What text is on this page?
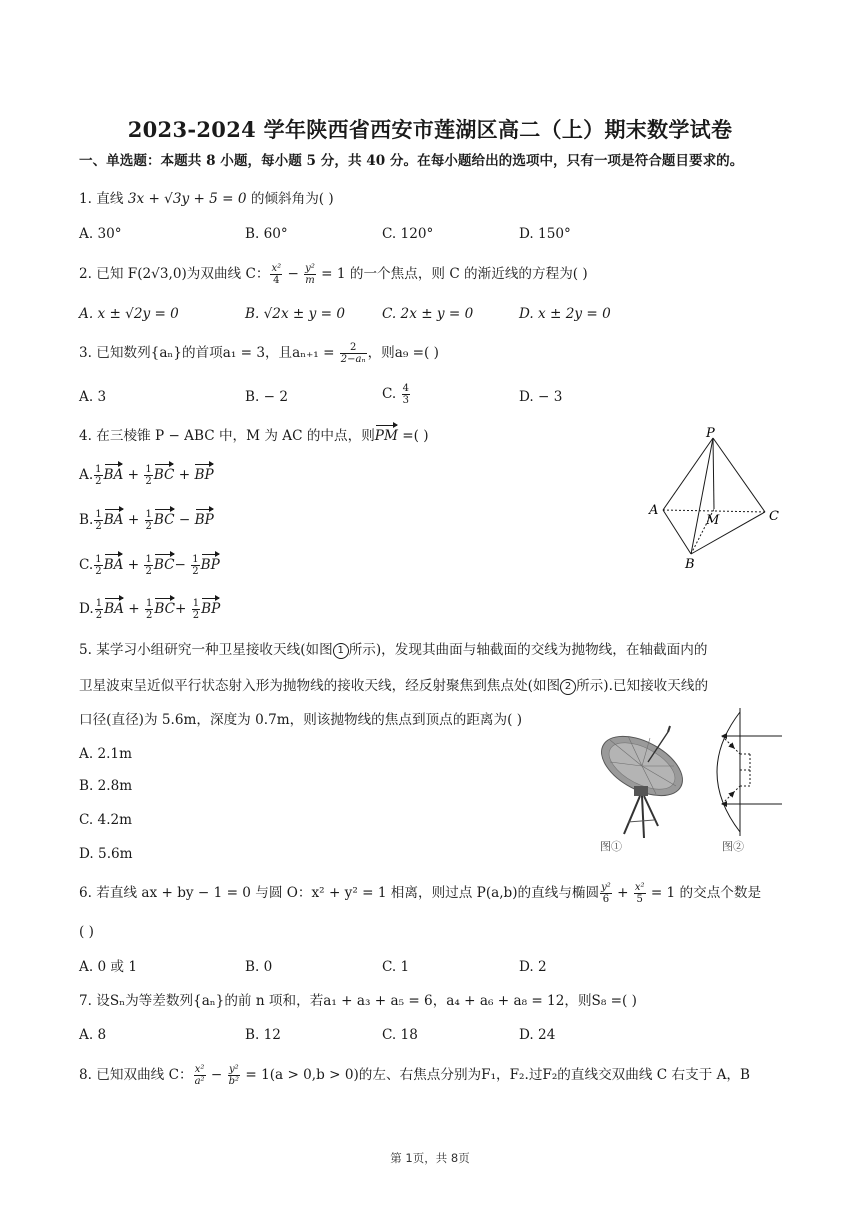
2023-2024 学年陕西省西安市莲湖区高二（上）期末数学试卷
一、单选题：本题共 8 小题，每小题 5 分，共 40 分。在每小题给出的选项中，只有一项是符合题目要求的。
1. 直线 3x + √3y + 5 = 0 的倾斜角为( )
A. 30°	B. 60°	C. 120°	D. 150°
2. 已知 F(2√3,0)为双曲线 C： $\frac{\text{x²}}{4} - \frac{\text{y²}}{m} = 1$ 的一个焦点，则 C 的渐近线的方程为( )
A. x ± √2y = 0	B. √2x ± y = 0	C. 2x ± y = 0	D. x ± 2y = 0
3. 已知数列{aₙ}的首项a₁ = 3，且$a_{n+1} = \frac{2}{\text{2−aₙ}}$ ，则a₉ =( )
A. 3	B. − 2	C. $\frac{4}{3}$	D. − 3
4. 在三棱锥 P − ABC 中，M 为 AC 的中点，则PM =( )
A. $\frac{1}{2}$ BA + $\frac{1}{2}$ BC + BP
B. $\frac{1}{2}$ BA + $\frac{1}{2}$ BC − BP
C. $\frac{1}{2}$ BA + $\frac{1}{2} BC- \frac{1}{2}$ BP
D. $\frac{1}{2}$ BA + $\frac{1}{2} BC+ \frac{1}{2}$ BP
P
A
M	C
B
5. 某学习小组研究一种卫星接收天线(如图 1 所示)，发现其曲面与轴截面的交线为抛物线，在轴截面内的
卫星波束呈近似平行状态射入形为抛物线的接收天线，经反射聚焦到焦点处(如图 2 所示).已知接收天线的
口径(直径)为 5.6m，深度为 0.7m，则该抛物线的焦点到顶点的距离为( )
A. 2.1m
B. 2.8m
C. 4.2m
D. 5.6m	图①	图②
6. 若直线 ax + by − 1 = 0 与圆 O：x² + y² = 1 相离，则过点 P(a,b)的直线与椭圆 $\frac{\text{y²}}{6} + \frac{\text{x²}}{5} = 1$ 的交点个数是
( )
A. 0 或 1	B. 0	C. 1	D. 2
7. 设Sₙ为等差数列{aₙ}的前 n 项和，若a₁ + a₃ + a₅ = 6，a₄ + a₆ + a₈ = 12，则S₈ =( )
A. 8	B. 12	C. 18	D. 24
8. 已知双曲线 C： $\frac{\text{x²}}{\text{a²}} - \frac{\text{y²}}{\text{b²}} = 1(a > 0,b > 0)$的左、右焦点分别为F₁，F₂.过F₂的直线交双曲线 C 右支于 A，B
第 1页，共 8页
